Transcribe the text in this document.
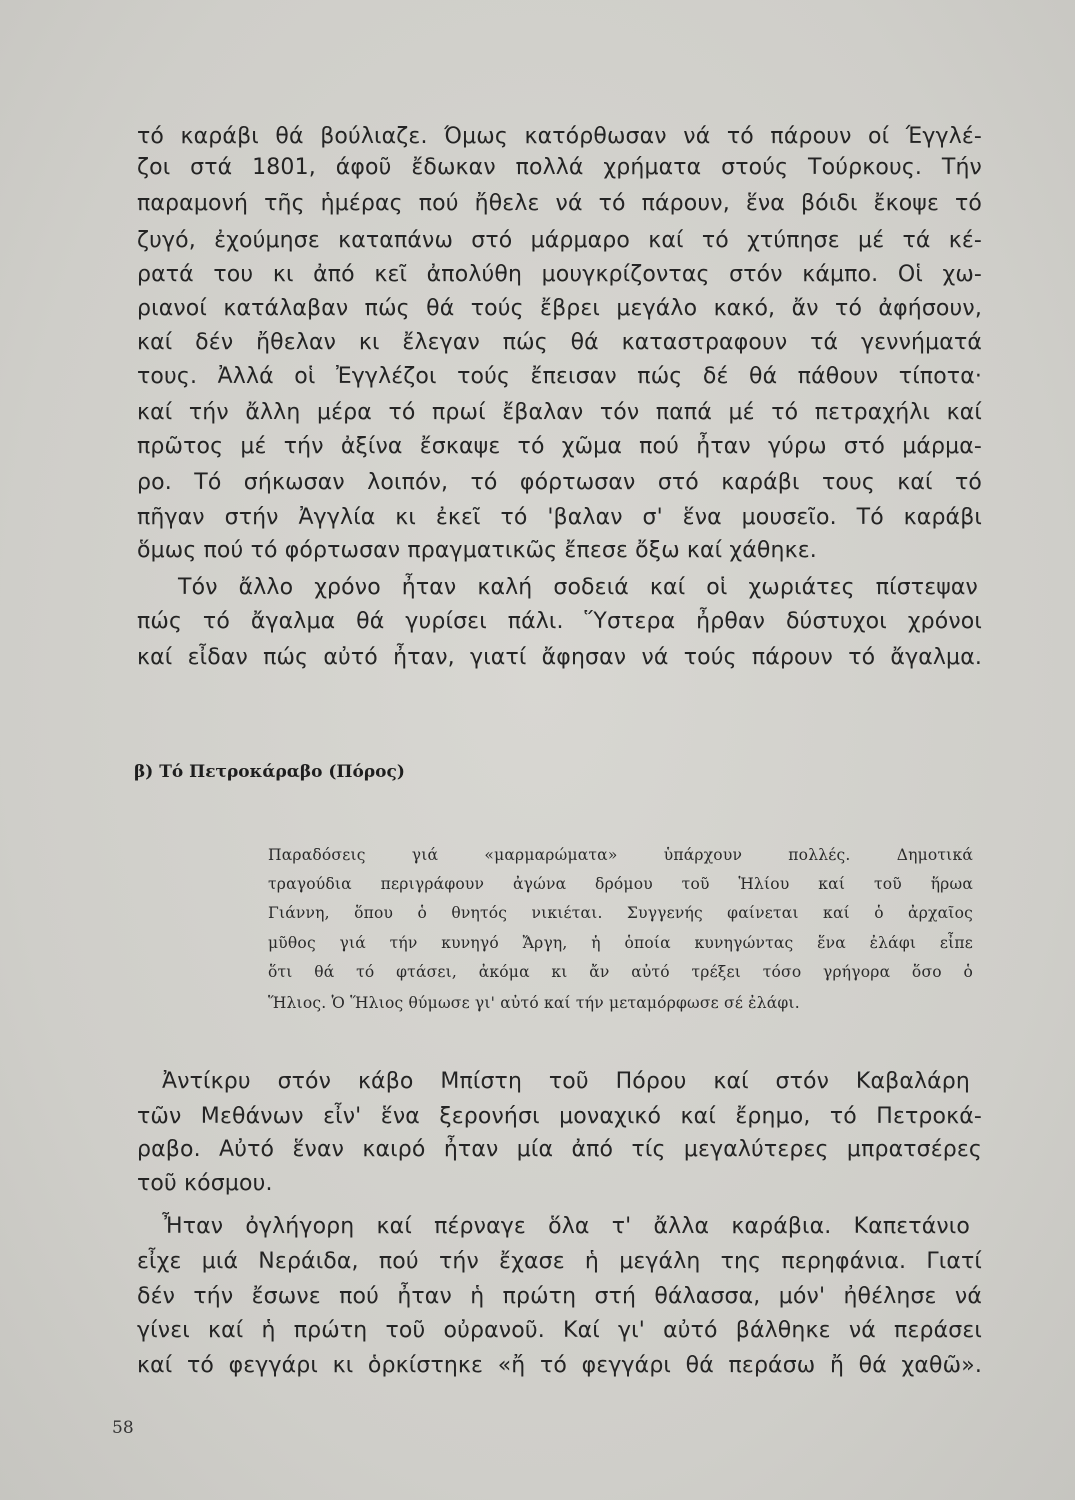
τό καράβι θά βούλιαζε. Όμως κατόρθωσαν νά τό πάρουν οί Έγγλέ-

ζοι στά 1801, άφοῦ ἔδωκαν πολλά χρήματα στούς Τούρκους. Τήν

παραμονή τῆς ἡμέρας πού ἤθελε νά τό πάρουν, ἕνα βόιδι ἔκοψε τό

ζυγό, ἐχούμησε καταπάνω στό μάρμαρο καί τό χτύπησε μέ τά κέ-

ρατά του κι ἀπό κεῖ ἀπολύθη μουγκρίζοντας στόν κάμπο. Οἱ χω-

ριανοί κατάλαβαν πώς θά τούς ἔβρει μεγάλο κακό, ἄν τό ἀφήσουν,

καί δέν ἤθελαν κι ἔλεγαν πώς θά καταστραφουν τά γεννήματά

τους. Ἀλλά οἱ Ἐγγλέζοι τούς ἔπεισαν πώς δέ θά πάθουν τίποτα·

καί τήν ἄλλη μέρα τό πρωί ἔβαλαν τόν παπά μέ τό πετραχήλι καί

πρῶτος μέ τήν ἀξίνα ἔσκαψε τό χῶμα πού ἦταν γύρω στό μάρμα-

ρο. Τό σήκωσαν λοιπόν, τό φόρτωσαν στό καράβι τους καί τό

πῆγαν στήν Ἀγγλία κι ἐκεῖ τό 'βαλαν σ' ἕνα μουσεῖο. Τό καράβι

ὅμως πού τό φόρτωσαν πραγματικῶς ἔπεσε ὄξω καί χάθηκε.

Τόν ἄλλο χρόνο ἦταν καλή σοδειά καί οἱ χωριάτες πίστεψαν

πώς τό ἄγαλμα θά γυρίσει πάλι. Ὕστερα ἦρθαν δύστυχοι χρόνοι

καί εἶδαν πώς αὐτό ἦταν, γιατί ἄφησαν νά τούς πάρουν τό ἄγαλμα.

β) Τό Πετροκάραβο (Πόρος)

Παραδόσεις γιά «μαρμαρώματα» ὑπάρχουν πολλές. Δημοτικά

τραγούδια περιγράφουν ἀγώνα δρόμου τοῦ Ἡλίου καί τοῦ ἥρωα

Γιάννη, ὅπου ὁ θνητός νικιέται. Συγγενής φαίνεται καί ὁ ἀρχαῖος

μῦθος γιά τήν κυνηγό Ἄργη, ἡ ὁποία κυνηγώντας ἕνα ἐλάφι εἶπε

ὅτι θά τό φτάσει, ἀκόμα κι ἄν αὐτό τρέξει τόσο γρήγορα ὅσο ὁ

Ἥλιος. Ὁ Ἥλιος θύμωσε γι' αὐτό καί τήν μεταμόρφωσε σέ ἐλάφι.

Ἀντίκρυ στόν κάβο Μπίστη τοῦ Πόρου καί στόν Καβαλάρη

τῶν Μεθάνων εἶν' ἕνα ξερονήσι μοναχικό καί ἔρημο, τό Πετροκά-

ραβο. Αὐτό ἕναν καιρό ἦταν μία ἀπό τίς μεγαλύτερες μπρατσέρες

τοῦ κόσμου.

Ἦταν ὀγλήγορη καί πέρναγε ὅλα τ' ἄλλα καράβια. Καπετάνιο

εἶχε μιά Νεράιδα, πού τήν ἔχασε ἡ μεγάλη της περηφάνια. Γιατί

δέν τήν ἔσωνε πού ἦταν ἡ πρώτη στή θάλασσα, μόν' ἠθέλησε νά

γίνει καί ἡ πρώτη τοῦ οὐρανοῦ. Καί γι' αὐτό βάλθηκε νά περάσει

καί τό φεγγάρι κι ὁρκίστηκε «ἤ τό φεγγάρι θά περάσω ἤ θά χαθῶ».

58
